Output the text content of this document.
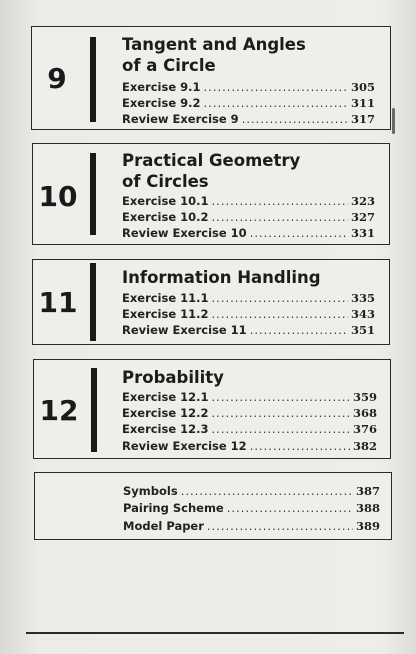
9
Tangent and Angles
of a Circle
Exercise 9.1 .....	305
Exercise 9.2 .....	311
Review Exercise 9 .....	317
10
Practical Geometry
of Circles
Exercise 10.1 .....	323
Exercise 10.2 .....	327
Review Exercise 10 .....	331
11
Information Handling
Exercise 11.1 .....	335
Exercise 11.2 .....	343
Review Exercise 11 .....	351
12
Probability
Exercise 12.1 .....	359
Exercise 12.2 .....	368
Exercise 12.3 .....	376
Review Exercise 12 .....	382
Symbols .....	387
Pairing Scheme .....	388
Model Paper .....	389
